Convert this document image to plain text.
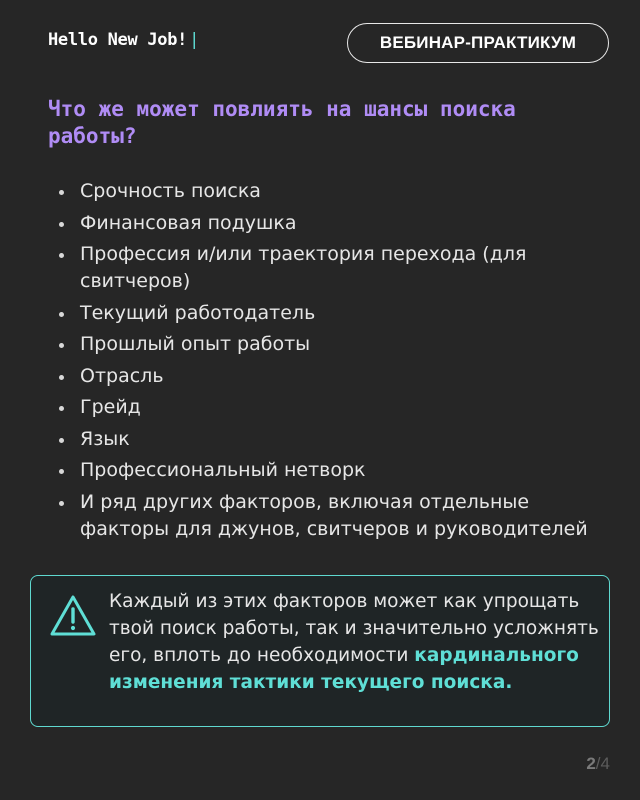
Hello New Job! |	ВЕБИНАР-ПРАКТИКУМ
Что же может повлиять на шансы поиска работы?
Срочность поиска
Финансовая подушка
Профессия и/или траектория перехода (для свитчеров)
Текущий работодатель
Прошлый опыт работы
Отрасль
Грейд
Язык
Профессиональный нетворк
И ряд других факторов, включая отдельные факторы для джунов, свитчеров и руководителей
Каждый из этих факторов может как упрощать твой поиск работы, так и значительно усложнять его, вплоть до необходимости кардинального изменения тактики текущего поиска.
2/4
